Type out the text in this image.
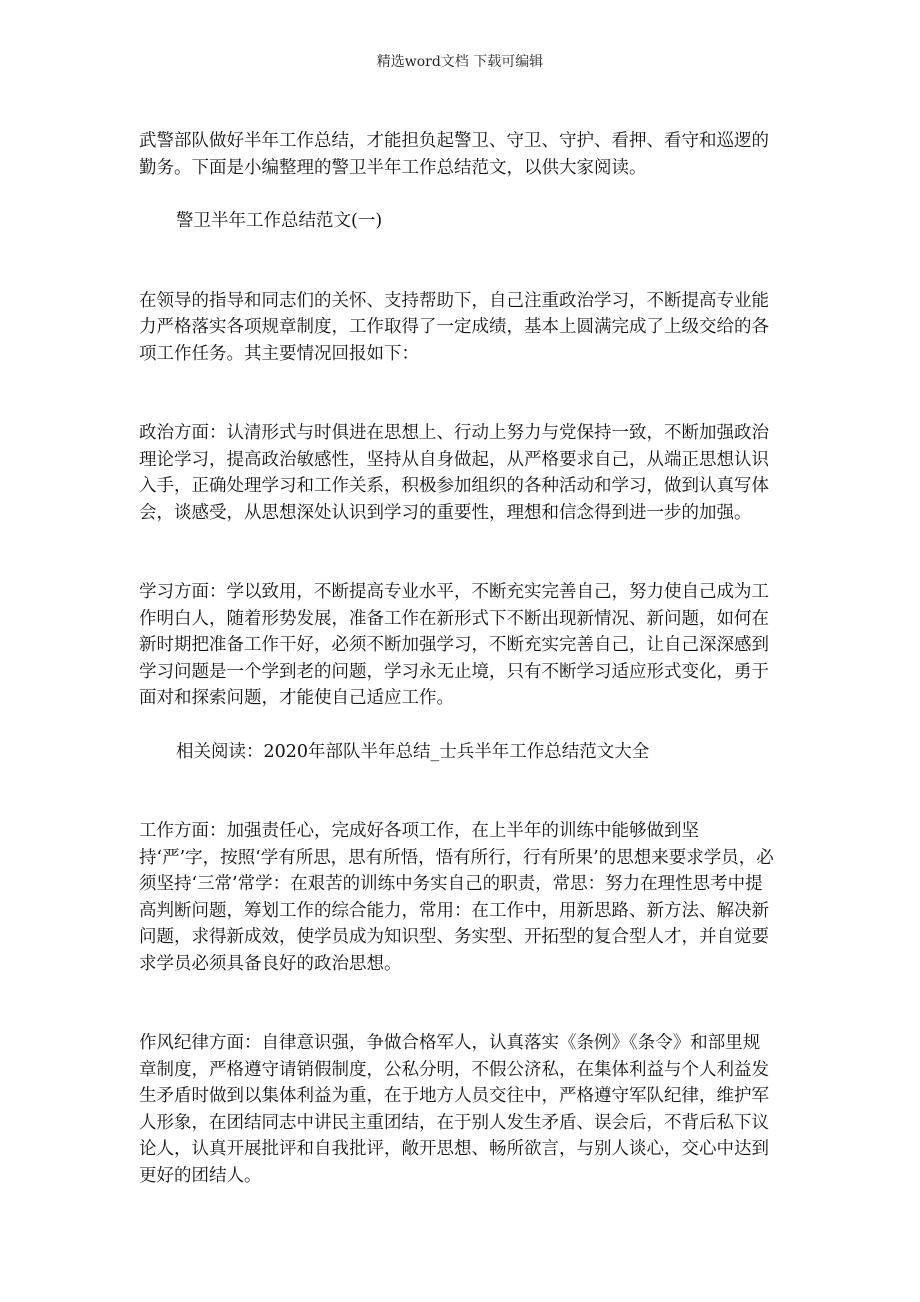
精选word文档 下载可编辑

武警部队做好半年工作总结，才能担负起警卫、守卫、守护、看押、看守和巡逻的勤务。下面是小编整理的警卫半年工作总结范文，以供大家阅读。

警卫半年工作总结范文(一)

在领导的指导和同志们的关怀、支持帮助下，自己注重政治学习，不断提高专业能力严格落实各项规章制度，工作取得了一定成绩，基本上圆满完成了上级交给的各项工作任务。其主要情况回报如下：

政治方面：认清形式与时俱进在思想上、行动上努力与党保持一致，不断加强政治理论学习，提高政治敏感性，坚持从自身做起，从严格要求自己，从端正思想认识入手，正确处理学习和工作关系，积极参加组织的各种活动和学习，做到认真写体会，谈感受，从思想深处认识到学习的重要性，理想和信念得到进一步的加强。

学习方面：学以致用，不断提高专业水平，不断充实完善自己，努力使自己成为工作明白人，随着形势发展，准备工作在新形式下不断出现新情况、新问题，如何在新时期把准备工作干好，必须不断加强学习，不断充实完善自己，让自己深深感到学习问题是一个学到老的问题，学习永无止境，只有不断学习适应形式变化，勇于面对和探索问题，才能使自己适应工作。

相关阅读：2020年部队半年总结_士兵半年工作总结范文大全

工作方面：加强责任心，完成好各项工作，在上半年的训练中能够做到坚持‘严’字，按照‘学有所思，思有所悟，悟有所行，行有所果’的思想来要求学员，必须坚持‘三常’常学：在艰苦的训练中务实自己的职责，常思：努力在理性思考中提高判断问题，筹划工作的综合能力，常用：在工作中，用新思路、新方法、解决新问题，求得新成效，使学员成为知识型、务实型、开拓型的复合型人才，并自觉要求学员必须具备良好的政治思想。

作风纪律方面：自律意识强，争做合格军人，认真落实《条例》《条令》和部里规章制度，严格遵守请销假制度，公私分明，不假公济私，在集体利益与个人利益发生矛盾时做到以集体利益为重，在于地方人员交往中，严格遵守军队纪律，维护军人形象，在团结同志中讲民主重团结，在于别人发生矛盾、误会后，不背后私下议论人，认真开展批评和自我批评，敞开思想、畅所欲言，与别人谈心，交心中达到更好的团结人。
